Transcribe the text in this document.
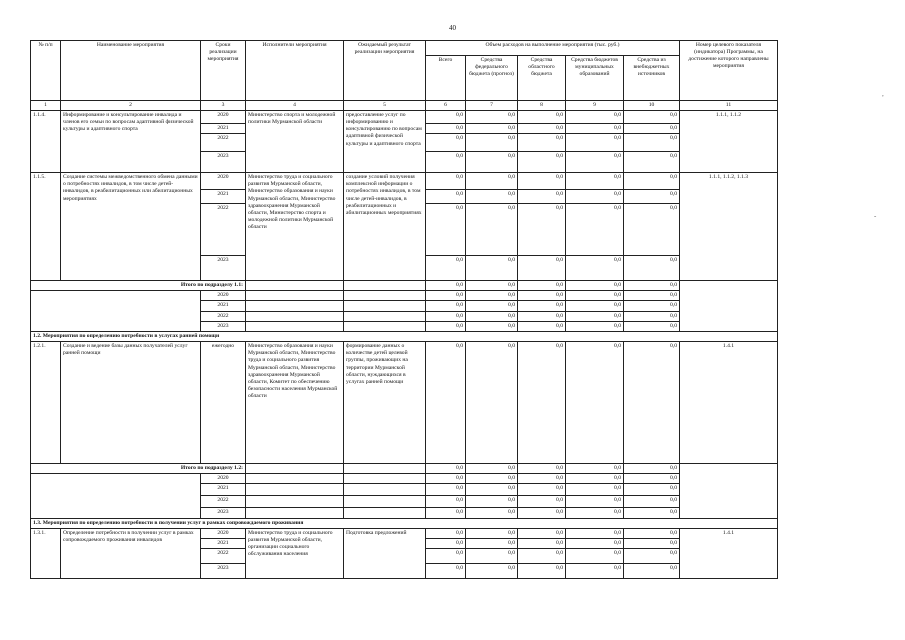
40
,
-
№ п/п	Наименование мероприятия	Сроки реализации мероприятия	Исполнители мероприятия	Ожидаемый результат реализации мероприятия	Объем расходов на выполнение мероприятия (тыс. руб.)					Номер целевого показателя (индикатора) Программы, на достижение которого направлены мероприятия
					Всего	Средства федерального бюджета (прогноз)	Средства областного бюджета	Средства бюджетов муниципальных образований	Средства из внебюджетных источников	
1	2	3	4	5	6	7	8	9	10	11
1.1.4.	Информирование и консультирование инвалида и членов его семьи по вопросам адаптивной физической культуры и адаптивного спорта	2020	Министерство спорта и молодежной политики Мурманской области	предоставление услуг по информированию и консультированию по вопросам адаптивной физической культуры и адаптивного спорта	0,0	0,0	0,0	0,0	0,0	1.1.1, 1.1.2
		2021			0,0	0,0	0,0	0,0	0,0	
		2022			0,0	0,0	0,0	0,0	0,0	
		2023			0,0	0,0	0,0	0,0	0,0	
1.1.5.	Создание системы межведомственного обмена данными о потребностях инвалидов, в том числе детей-инвалидов, в реабилитационных или абилитационных мероприятиях	2020	Министерство труда и социального развития Мурманской области, Министерство образования и науки Мурманской области, Министерство здравоохранения Мурманской области, Министерство спорта и молодежной политики Мурманской области	создание условий получения комплексной информации о потребностях инвалидов, в том числе детей-инвалидов, в реабилитационных и абилитационных мероприятиях	0,0	0,0	0,0	0,0	0,0	1.1.1, 1.1.2, 1.1.3
		2021			0,0	0,0	0,0	0,0	0,0	
		2022			0,0	0,0	0,0	0,0	0,0	
		2023			0,0	0,0	0,0	0,0	0,0	
Итого по подразделу 1.1:					0,0	0,0	0,0	0,0	0,0	
		2020			0,0	0,0	0,0	0,0	0,0	
		2021			0,0	0,0	0,0	0,0	0,0	
		2022			0,0	0,0	0,0	0,0	0,0	
		2023			0,0	0,0	0,0	0,0	0,0	
1.2. Мероприятия по определению потребности в услугах ранней помощи										
1.2.1.	Создание и ведение базы данных получателей услуг ранней помощи	ежегодно	Министерство образования и науки Мурманской области, Министерство труда и социального развития Мурманской области, Министерство здравоохранения Мурманской области, Комитет по обеспечению безопасности населения Мурманской области	формирование данных о количестве детей целевой группы, проживающих на территории Мурманской области, нуждающихся в услугах ранней помощи	0,0	0,0	0,0	0,0	0,0	1.4.1
Итого по подразделу 1.2:					0,0	0,0	0,0	0,0	0,0	
		2020			0,0	0,0	0,0	0,0	0,0	
		2021			0,0	0,0	0,0	0,0	0,0	
		2022			0,0	0,0	0,0	0,0	0,0	
		2023			0,0	0,0	0,0	0,0	0,0	
1.3. Мероприятия по определению потребности в получении услуг в рамках сопровождаемого проживания										
1.3.1.	Определение потребности в получении услуг в рамках сопровождаемого проживания инвалидов	2020	Министерство труда и социального развития Мурманской области, организации социального обслуживания населения	Подготовка предложений	0,0	0,0	0,0	0,0	0,0	1.4.1
		2021			0,0	0,0	0,0	0,0	0,0	
		2022			0,0	0,0	0,0	0,0	0,0	
		2023			0,0	0,0	0,0	0,0	0,0	
